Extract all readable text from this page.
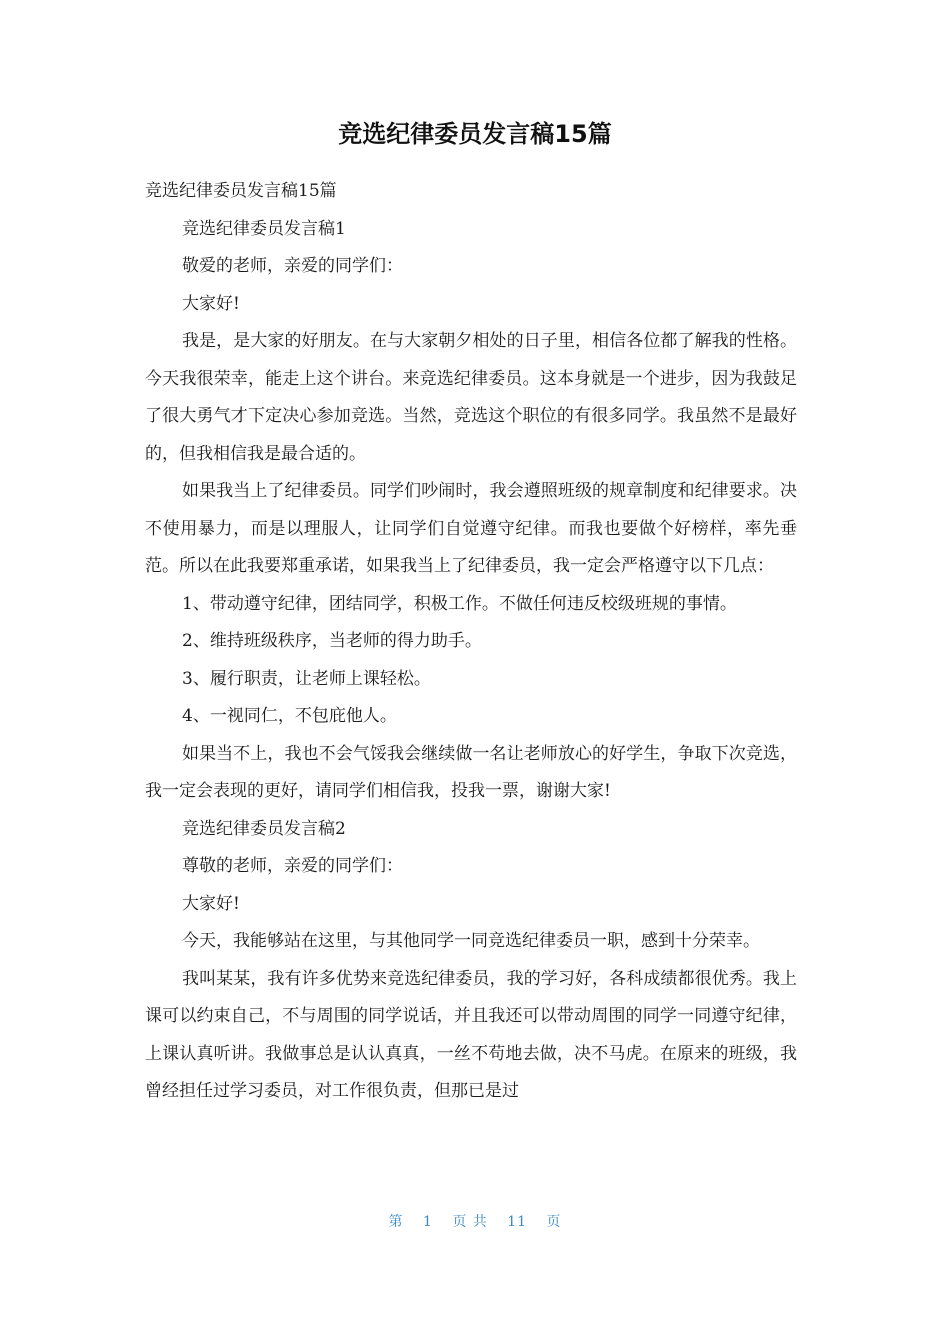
竞选纪律委员发言稿15篇

竞选纪律委员发言稿15篇

竞选纪律委员发言稿1

敬爱的老师，亲爱的同学们：

大家好!

我是，是大家的好朋友。在与大家朝夕相处的日子里，相信各位都了解我的性格。今天我很荣幸，能走上这个讲台。来竞选纪律委员。这本身就是一个进步，因为我鼓足了很大勇气才下定决心参加竞选。当然，竞选这个职位的有很多同学。我虽然不是最好的，但我相信我是最合适的。

如果我当上了纪律委员。同学们吵闹时，我会遵照班级的规章制度和纪律要求。决不使用暴力，而是以理服人，让同学们自觉遵守纪律。而我也要做个好榜样，率先垂范。所以在此我要郑重承诺，如果我当上了纪律委员，我一定会严格遵守以下几点：

1、带动遵守纪律，团结同学，积极工作。不做任何违反校级班规的事情。

2、维持班级秩序，当老师的得力助手。

3、履行职责，让老师上课轻松。

4、一视同仁，不包庇他人。

如果当不上，我也不会气馁我会继续做一名让老师放心的好学生，争取下次竞选，我一定会表现的更好，请同学们相信我，投我一票，谢谢大家!

竞选纪律委员发言稿2

尊敬的老师，亲爱的同学们：

大家好!

今天，我能够站在这里，与其他同学一同竞选纪律委员一职，感到十分荣幸。

我叫某某，我有许多优势来竞选纪律委员，我的学习好，各科成绩都很优秀。我上课可以约束自己，不与周围的同学说话，并且我还可以带动周围的同学一同遵守纪律，上课认真听讲。我做事总是认认真真，一丝不苟地去做，决不马虎。在原来的班级，我曾经担任过学习委员，对工作很负责，但那已是过

第 1 页 共 11 页
